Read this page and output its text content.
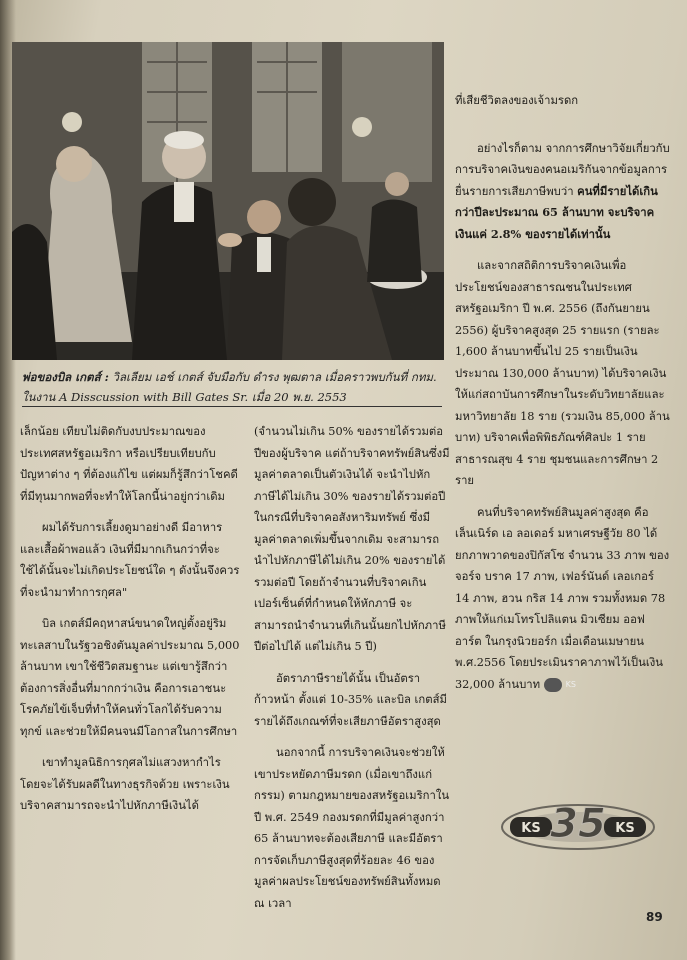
พ่อของบิล เกตส์ : วิลเลียม เอช์ เกตส์ จับมือกับ ดำรง พุฒตาล เมื่อคราวพบกันที่ กทม. ในงาน A Disscussion with Bill Gates Sr. เมื่อ 20 พ.ย. 2553

เล็กน้อย เทียบไม่ติดกับงบประมาณของประเทศสหรัฐอเมริกา หรือเปรียบเทียบกับปัญหาต่าง ๆ ที่ต้องแก้ไข แต่ผมก็รู้สึกว่าโชคดีที่มีทุนมากพอที่จะทำให้โลกนี้น่าอยู่กว่าเดิม

ผมได้รับการเลี้ยงดูมาอย่างดี มีอาหารและเสื้อผ้าพอแล้ว เงินที่มีมากเกินกว่าที่จะใช้ได้นั้นจะไม่เกิดประโยชน์ใด ๆ ดังนั้นจึงควรที่จะนำมาทำการกุศล"

บิล เกตส์มีคฤหาสน์ขนาดใหญ่ตั้งอยู่ริมทะเลสาบในรัฐวอชิงตันมูลค่าประมาณ 5,000 ล้านบาท เขาใช้ชีวิตสมฐานะ แต่เขารู้สึกว่าต้องการสิ่งอื่นที่มากกว่าเงิน คือการเอาชนะโรคภัยไข้เจ็บที่ทำให้คนทั่วโลกได้รับความทุกข์ และช่วยให้มีคนจนมีโอกาสในการศึกษา

เขาทำมูลนิธิการกุศลไม่แสวงหากำไร โดยจะได้รับผลดีในทางธุรกิจด้วย เพราะเงินบริจาคสามารถจะนำไปหักภาษีเงินได้

(จำนวนไม่เกิน 50% ของรายได้รวมต่อปีของผู้บริจาค แต่ถ้าบริจาคทรัพย์สินซึ่งมีมูลค่าตลาดเป็นตัวเงินได้ จะนำไปหักภาษีได้ไม่เกิน 30% ของรายได้รวมต่อปี ในกรณีที่บริจาคอสังหาริมทรัพย์ ซึ่งมีมูลค่าตลาดเพิ่มขึ้นจากเดิม จะสามารถนำไปหักภาษีได้ไม่เกิน 20% ของรายได้รวมต่อปี โดยถ้าจำนวนที่บริจาคเกินเปอร์เซ็นต์ที่กำหนดให้หักภาษี จะสามารถนำจำนวนที่เกินนั้นยกไปหักภาษีปีต่อไปได้ แต่ไม่เกิน 5 ปี)

อัตราภาษีรายได้นั้น เป็นอัตราก้าวหน้า ตั้งแต่ 10-35% และบิล เกตส์มีรายได้ถึงเกณฑ์ที่จะเสียภาษีอัตราสูงสุด

นอกจากนี้ การบริจาคเงินจะช่วยให้เขาประหยัดภาษีมรดก (เมื่อเขาถึงแก่กรรม) ตามกฎหมายของสหรัฐอเมริกาในปี พ.ศ. 2549 กองมรดกที่มีมูลค่าสูงกว่า 65 ล้านบาทจะต้องเสียภาษี และมีอัตราการจัดเก็บภาษีสูงสุดที่ร้อยละ 46 ของมูลค่าผลประโยชน์ของทรัพย์สินทั้งหมด ณ เวลา

ที่เสียชีวิตลงของเจ้ามรดก

อย่างไรก็ตาม จากการศึกษาวิจัยเกี่ยวกับการบริจาคเงินของคนอเมริกันจากข้อมูลการยื่นรายการเสียภาษีพบว่า คนที่มีรายได้เกินกว่าปีละประมาณ 65 ล้านบาท จะบริจาคเงินแค่ 2.8% ของรายได้เท่านั้น

และจากสถิติการบริจาคเงินเพื่อประโยชน์ของสาธารณชนในประเทศสหรัฐอเมริกา ปี พ.ศ. 2556 (ถึงกันยายน 2556) ผู้บริจาคสูงสุด 25 รายแรก (รายละ 1,600 ล้านบาทขึ้นไป 25 รายเป็นเงินประมาณ 130,000 ล้านบาท) ได้บริจาคเงินให้แก่สถาบันการศึกษาในระดับวิทยาลัยและมหาวิทยาลัย 18 ราย (รวมเงิน 85,000 ล้านบาท) บริจาคเพื่อพิพิธภัณฑ์ศิลปะ 1 ราย สาธารณสุข 4 ราย ชุมชนและการศึกษา 2 ราย

คนที่บริจาคทรัพย์สินมูลค่าสูงสุด คือ เล็นเนิร์ด เอ ลอเดอร์ มหาเศรษฐีวัย 80 ได้ยกภาพวาดของปิกัสโซ จำนวน 33 ภาพ ของจอร์จ บราค 17 ภาพ, เฟอร์นันด์ เลอเกอร์ 14 ภาพ, ฮวน กริส 14 ภาพ รวมทั้งหมด 78 ภาพให้แก่เมโทรโปลิแตน มิวเซียม ออฟ อาร์ต ในกรุงนิวยอร์ก เมื่อเดือนเมษายน พ.ศ.2556 โดยประเมินราคาภาพไว้เป็นเงิน 32,000 ล้านบาท	KS

KS	KS
35
89
